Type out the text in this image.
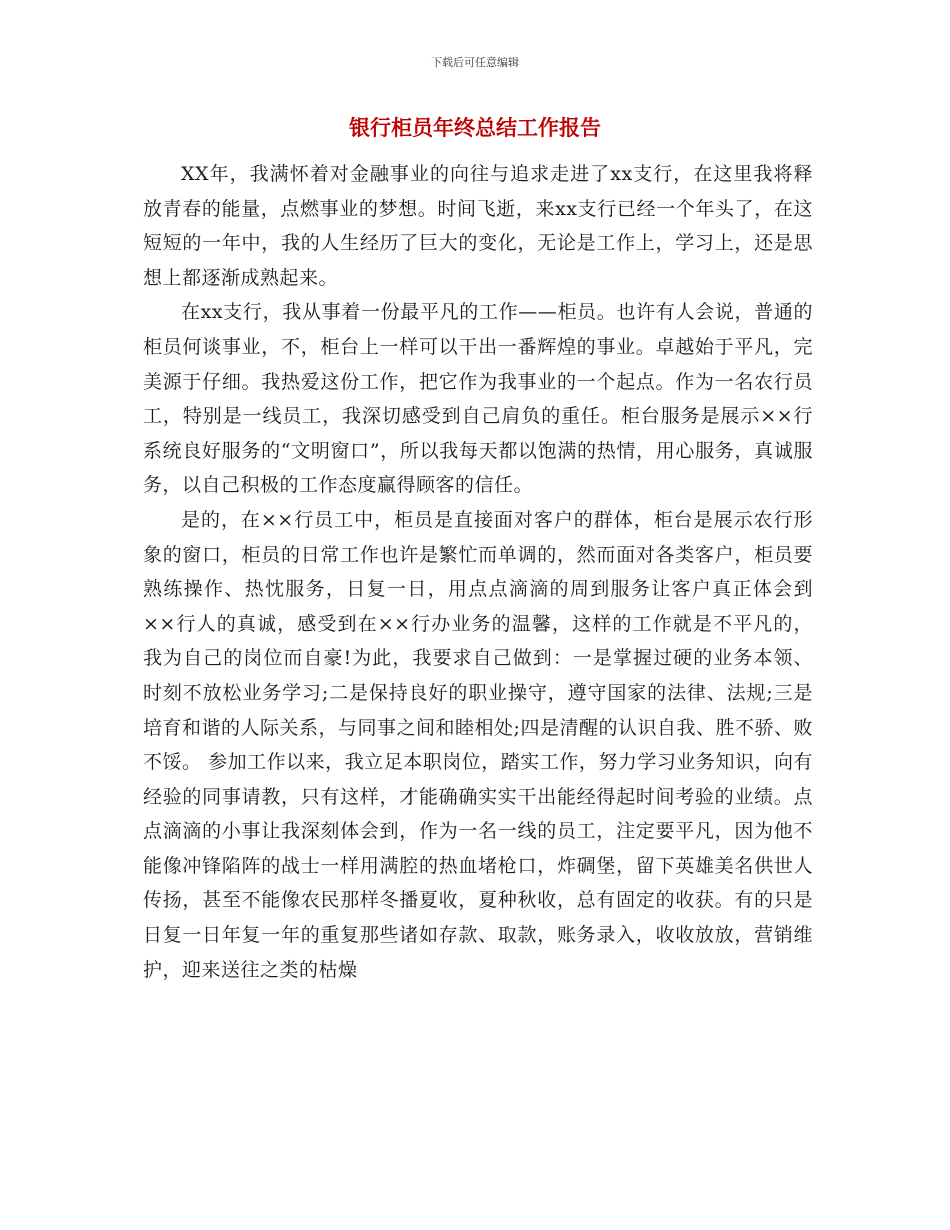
下载后可任意编辑
银行柜员年终总结工作报告

XX年，我满怀着对金融事业的向往与追求走进了xx支行，在这里我将释放青春的能量，点燃事业的梦想。时间飞逝，来xx支行已经一个年头了，在这短短的一年中，我的人生经历了巨大的变化，无论是工作上，学习上，还是思想上都逐渐成熟起来。

在xx支行，我从事着一份最平凡的工作——柜员。也许有人会说，普通的柜员何谈事业，不，柜台上一样可以干出一番辉煌的事业。卓越始于平凡，完美源于仔细。我热爱这份工作，把它作为我事业的一个起点。作为一名农行员工，特别是一线员工，我深切感受到自己肩负的重任。柜台服务是展示××行系统良好服务的“文明窗口”，所以我每天都以饱满的热情，用心服务，真诚服务，以自己积极的工作态度赢得顾客的信任。

是的，在××行员工中，柜员是直接面对客户的群体，柜台是展示农行形象的窗口，柜员的日常工作也许是繁忙而单调的，然而面对各类客户，柜员要熟练操作、热忱服务，日复一日，用点点滴滴的周到服务让客户真正体会到××行人的真诚，感受到在××行办业务的温馨，这样的工作就是不平凡的，我为自己的岗位而自豪!为此，我要求自己做到：一是掌握过硬的业务本领、时刻不放松业务学习;二是保持良好的职业操守，遵守国家的法律、法规;三是培育和谐的人际关系，与同事之间和睦相处;四是清醒的认识自我、胜不骄、败不馁。 参加工作以来，我立足本职岗位，踏实工作，努力学习业务知识，向有经验的同事请教，只有这样，才能确确实实干出能经得起时间考验的业绩。点点滴滴的小事让我深刻体会到，作为一名一线的员工，注定要平凡，因为他不能像冲锋陷阵的战士一样用满腔的热血堵枪口，炸碉堡，留下英雄美名供世人传扬，甚至不能像农民那样冬播夏收，夏种秋收，总有固定的收获。有的只是日复一日年复一年的重复那些诸如存款、取款，账务录入，收收放放，营销维护，迎来送往之类的枯燥
